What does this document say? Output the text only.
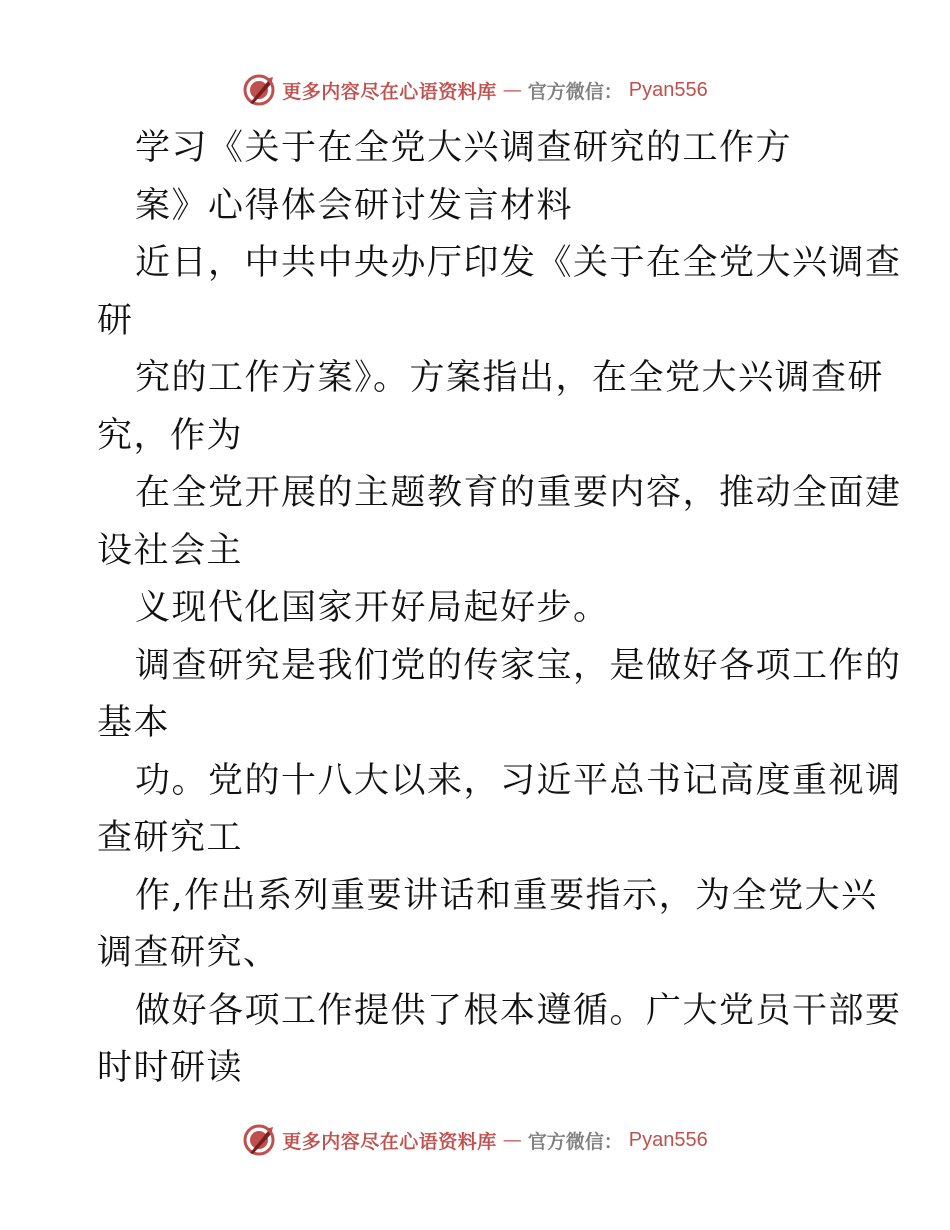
更多内容尽在心语资料库 — 官方微信： Pyan556
学习《关于在全党大兴调查研究的工作方
案》心得体会研讨发言材料
近日，中共中央办厅印发《关于在全党大兴调查
研
究的工作方案》。方案指出，在全党大兴调查研
究，作为
在全党开展的主题教育的重要内容，推动全面建
设社会主
义现代化国家开好局起好步。
调查研究是我们党的传家宝，是做好各项工作的
基本
功。党的十八大以来，习近平总书记高度重视调
查研究工
作,作出系列重要讲话和重要指示，为全党大兴
调查研究、
做好各项工作提供了根本遵循。广大党员干部要
时时研读
更多内容尽在心语资料库 — 官方微信： Pyan556
